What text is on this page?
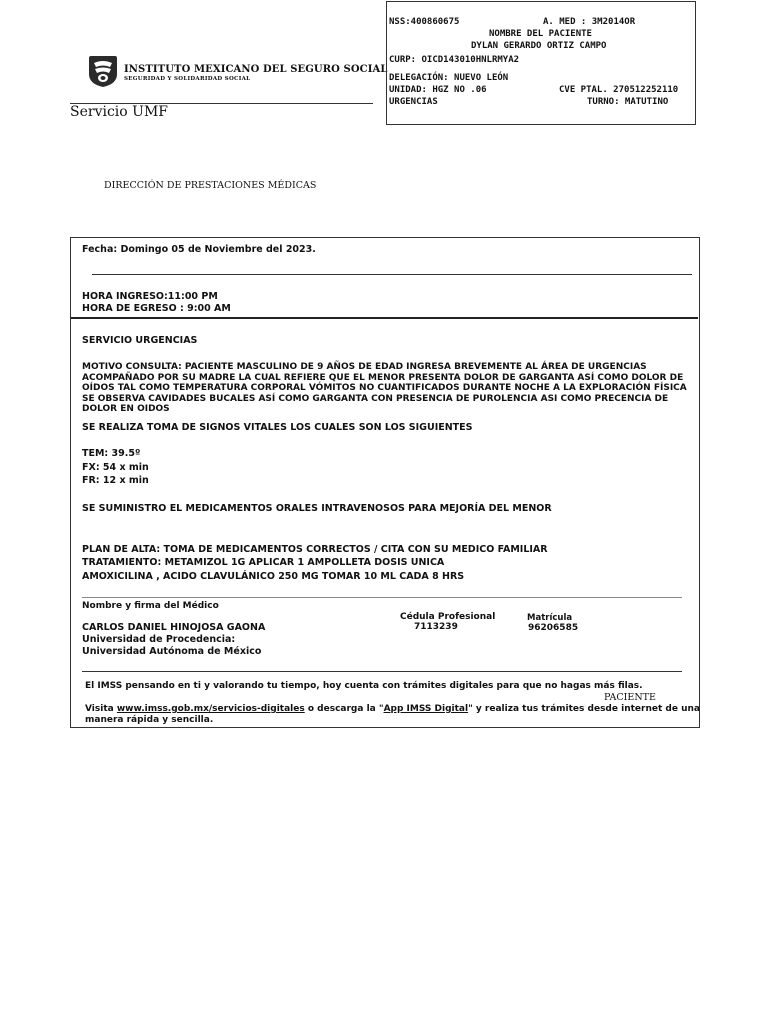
INSTITUTO MEXICANO DEL SEGURO SOCIAL
SEGURIDAD Y SOLIDARIDAD SOCIAL
Servicio UMF
NSS:400860675	A. MED : 3M2014OR
NOMBRE DEL PACIENTE
DYLAN GERARDO ORTIZ CAMPO
CURP: OICD143010HNLRMYA2
DELEGACIÓN: NUEVO LEÓN
UNIDAD: HGZ NO .06	CVE PTAL. 270512252110
URGENCIAS	TURNO: MATUTINO
DIRECCIÓN DE PRESTACIONES MÉDICAS
Fecha: Domingo 05 de Noviembre del 2023.
HORA INGRESO:11:00 PM
HORA DE EGRESO : 9:00 AM
SERVICIO URGENCIAS
MOTIVO CONSULTA: PACIENTE MASCULINO DE 9 AÑOS DE EDAD INGRESA BREVEMENTE AL ÁREA DE URGENCIAS ACOMPAÑADO POR SU MADRE LA CUAL REFIERE QUE EL MENOR PRESENTA DOLOR DE GARGANTA ASÍ COMO DOLOR DE OÍDOS TAL COMO TEMPERATURA CORPORAL VÓMITOS NO CUANTIFICADOS DURANTE NOCHE A LA EXPLORACIÓN FÍSICA SE OBSERVA CAVIDADES BUCALES ASÍ COMO GARGANTA CON PRESENCIA DE PUROLENCIA ASI COMO PRECENCIA DE DOLOR EN OIDOS
SE REALIZA TOMA DE SIGNOS VITALES LOS CUALES SON LOS SIGUIENTES
TEM: 39.5º
FX: 54 x min
FR: 12 x min
SE SUMINISTRO EL MEDICAMENTOS ORALES INTRAVENOSOS PARA MEJORÍA DEL MENOR
PLAN DE ALTA: TOMA DE MEDICAMENTOS CORRECTOS / CITA CON SU MEDICO FAMILIAR
TRATAMIENTO: METAMIZOL 1G APLICAR 1 AMPOLLETA DOSIS UNICA
AMOXICILINA , ACIDO CLAVULÁNICO 250 MG TOMAR 10 ML CADA 8 HRS
Nombre y firma del Médico
Cédula Profesional	Matrícula
CARLOS DANIEL HINOJOSA GAONA	7113239	96206585
Universidad de Procedencia:
Universidad Autónoma de México
El IMSS pensando en ti y valorando tu tiempo, hoy cuenta con trámites digitales para que no hagas más filas.
PACIENTE
Visita www.imss.gob.mx/servicios-digitales o descarga la "App IMSS Digital" y realiza tus trámites desde internet de una
manera rápida y sencilla.
